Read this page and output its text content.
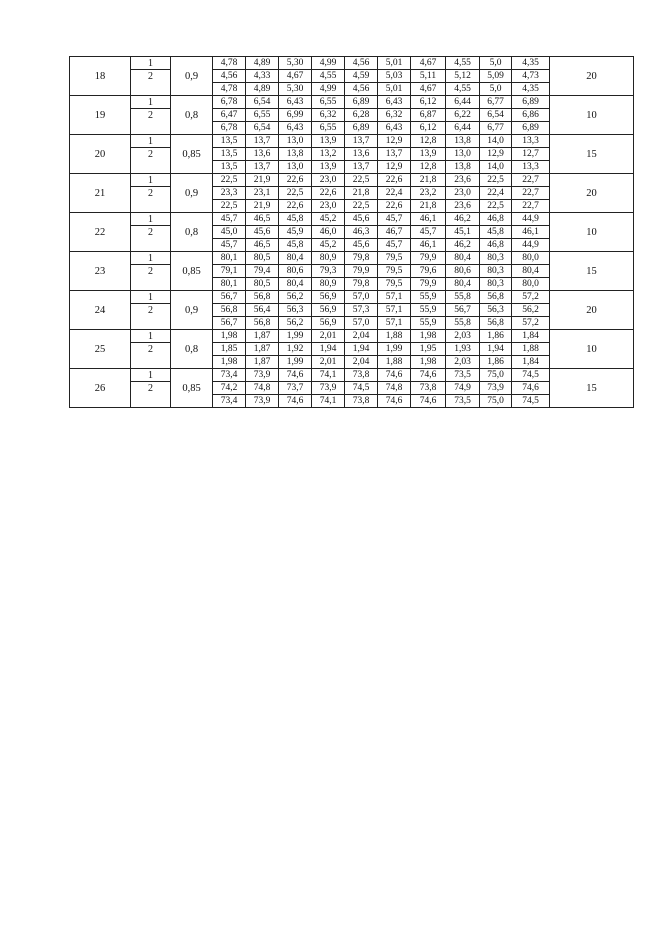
18	1	0,9	4,78	4,89	5,30	4,99	4,56	5,01	4,67	4,55	5,0	4,35	20
	2		4,56	4,33	4,67	4,55	4,59	5,03	5,11	5,12	5,09	4,73	
			4,78	4,89	5,30	4,99	4,56	5,01	4,67	4,55	5,0	4,35	
19	1	0,8	6,78	6,54	6,43	6,55	6,89	6,43	6,12	6,44	6,77	6,89	10
	2		6,47	6,55	6,99	6,32	6,28	6,32	6,87	6,22	6,54	6,86	
			6,78	6,54	6,43	6,55	6,89	6,43	6,12	6,44	6,77	6,89	
20	1	0,85	13,5	13,7	13,0	13,9	13,7	12,9	12,8	13,8	14,0	13,3	15
	2		13,5	13,6	13,8	13,2	13,6	13,7	13,9	13,0	12,9	12,7	
			13,5	13,7	13,0	13,9	13,7	12,9	12,8	13,8	14,0	13,3	
21	1	0,9	22,5	21,9	22,6	23,0	22,5	22,6	21,8	23,6	22,5	22,7	20
	2		23,3	23,1	22,5	22,6	21,8	22,4	23,2	23,0	22,4	22,7	
			22,5	21,9	22,6	23,0	22,5	22,6	21,8	23,6	22,5	22,7	
22	1	0,8	45,7	46,5	45,8	45,2	45,6	45,7	46,1	46,2	46,8	44,9	10
	2		45,0	45,6	45,9	46,0	46,3	46,7	45,7	45,1	45,8	46,1	
			45,7	46,5	45,8	45,2	45,6	45,7	46,1	46,2	46,8	44,9	
23	1	0,85	80,1	80,5	80,4	80,9	79,8	79,5	79,9	80,4	80,3	80,0	15
	2		79,1	79,4	80,6	79,3	79,9	79,5	79,6	80,6	80,3	80,4	
			80,1	80,5	80,4	80,9	79,8	79,5	79,9	80,4	80,3	80,0	
24	1	0,9	56,7	56,8	56,2	56,9	57,0	57,1	55,9	55,8	56,8	57,2	20
	2		56,8	56,4	56,3	56,9	57,3	57,1	55,9	56,7	56,3	56,2	
			56,7	56,8	56,2	56,9	57,0	57,1	55,9	55,8	56,8	57,2	
25	1	0,8	1,98	1,87	1,99	2,01	2,04	1,88	1,98	2,03	1,86	1,84	10
	2		1,85	1,87	1,92	1,94	1,94	1,99	1,95	1,93	1,94	1,88	
			1,98	1,87	1,99	2,01	2,04	1,88	1,98	2,03	1,86	1,84	
26	1	0,85	73,4	73,9	74,6	74,1	73,8	74,6	74,6	73,5	75,0	74,5	15
	2		74,2	74,8	73,7	73,9	74,5	74,8	73,8	74,9	73,9	74,6	
			73,4	73,9	74,6	74,1	73,8	74,6	74,6	73,5	75,0	74,5	
